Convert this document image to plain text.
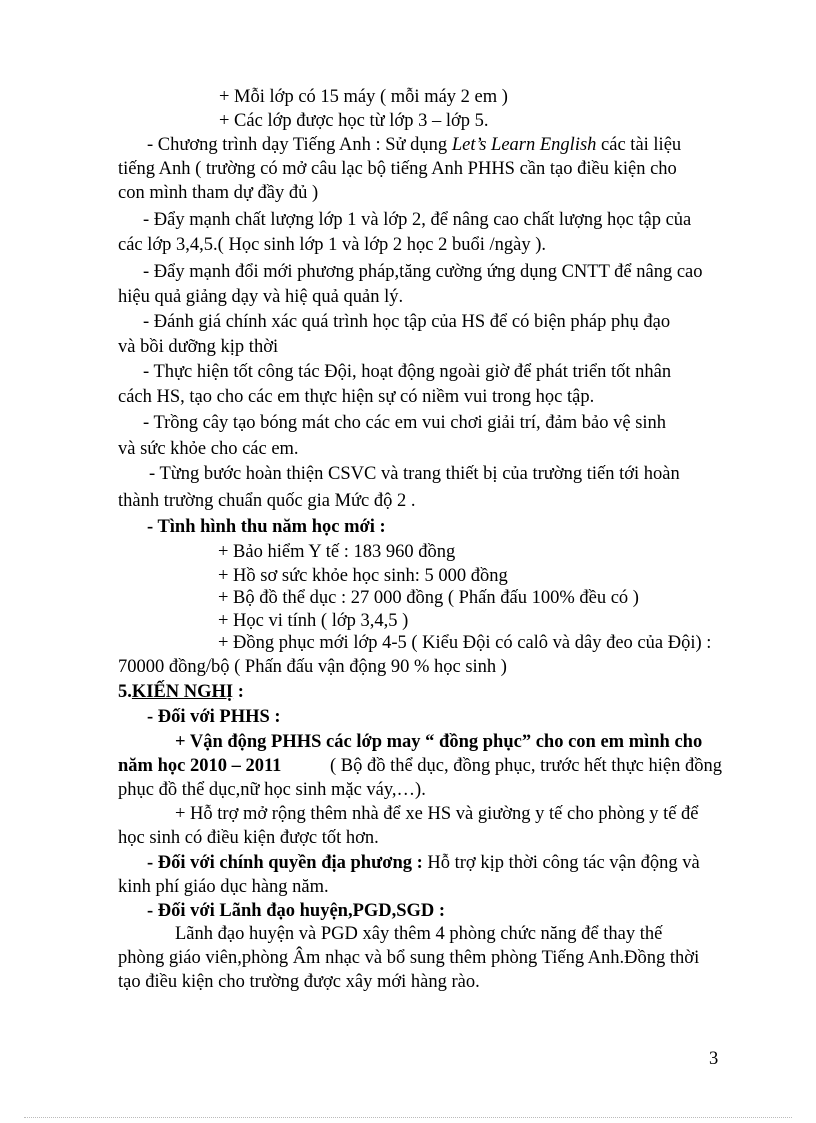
+ Mỗi lớp có 15 máy ( mỗi máy 2 em )
+ Các lớp được học từ lớp 3 – lớp 5.
- Chương trình dạy Tiếng Anh : Sử dụng Let’s Learn English các tài liệu
tiếng Anh ( trường có mở câu lạc bộ tiếng Anh PHHS cần tạo điều kiện cho
con mình tham dự đầy đủ )
- Đẩy mạnh chất lượng lớp 1 và lớp 2, để nâng cao chất lượng học tập của
các lớp 3,4,5.( Học sinh lớp 1 và lớp 2 học 2 buổi /ngày ).
- Đẩy mạnh đổi mới phương pháp,tăng cường ứng dụng CNTT để nâng cao
hiệu quả giảng dạy và hiệ quả quản lý.
- Đánh giá chính xác quá trình học tập của HS để có biện pháp phụ đạo
và bồi dưỡng kịp thời
- Thực hiện tốt công tác Đội, hoạt động ngoài giờ để phát triển tốt nhân
cách HS, tạo cho các em thực hiện sự có niềm vui trong học tập.
- Trồng cây tạo bóng mát cho các em vui chơi giải trí, đảm bảo vệ sinh
và sức khỏe cho các em.
- Từng bước hoàn thiện CSVC và trang thiết bị của trường tiến tới hoàn
thành trường chuẩn quốc gia Mức độ 2 .
- Tình hình thu năm học mới :
+ Bảo hiểm Y tế : 183 960 đồng
+ Hồ sơ sức khỏe học sinh: 5 000 đồng
+ Bộ đồ thể dục : 27 000 đồng ( Phấn đấu 100% đều có )
+ Học vi tính ( lớp 3,4,5 )
+ Đồng phục mới lớp 4-5 ( Kiểu Đội có calô và dây đeo của Đội) :
70000 đồng/bộ ( Phấn đấu vận động 90 % học sinh )
5.KIẾN NGHỊ :
- Đối với PHHS :
+ Vận động PHHS các lớp may “ đồng phục” cho con em mình cho
năm học 2010 – 2011 ( Bộ đồ thể dục, đồng phục, trước hết thực hiện đồng
phục đồ thể dục,nữ học sinh mặc váy,…).
+ Hỗ trợ mở rộng thêm nhà để xe HS và giường y tế cho phòng y tế để
học sinh có điều kiện được tốt hơn.
- Đối với chính quyền địa phương : Hỗ trợ kịp thời công tác vận động và
kinh phí giáo dục hàng năm.
- Đối với Lãnh đạo huyện,PGD,SGD :
Lãnh đạo huyện và PGD xây thêm 4 phòng chức năng để thay thế
phòng giáo viên,phòng Âm nhạc và bổ sung thêm phòng Tiếng Anh.Đồng thời
tạo điều kiện cho trường được xây mới hàng rào.
3
